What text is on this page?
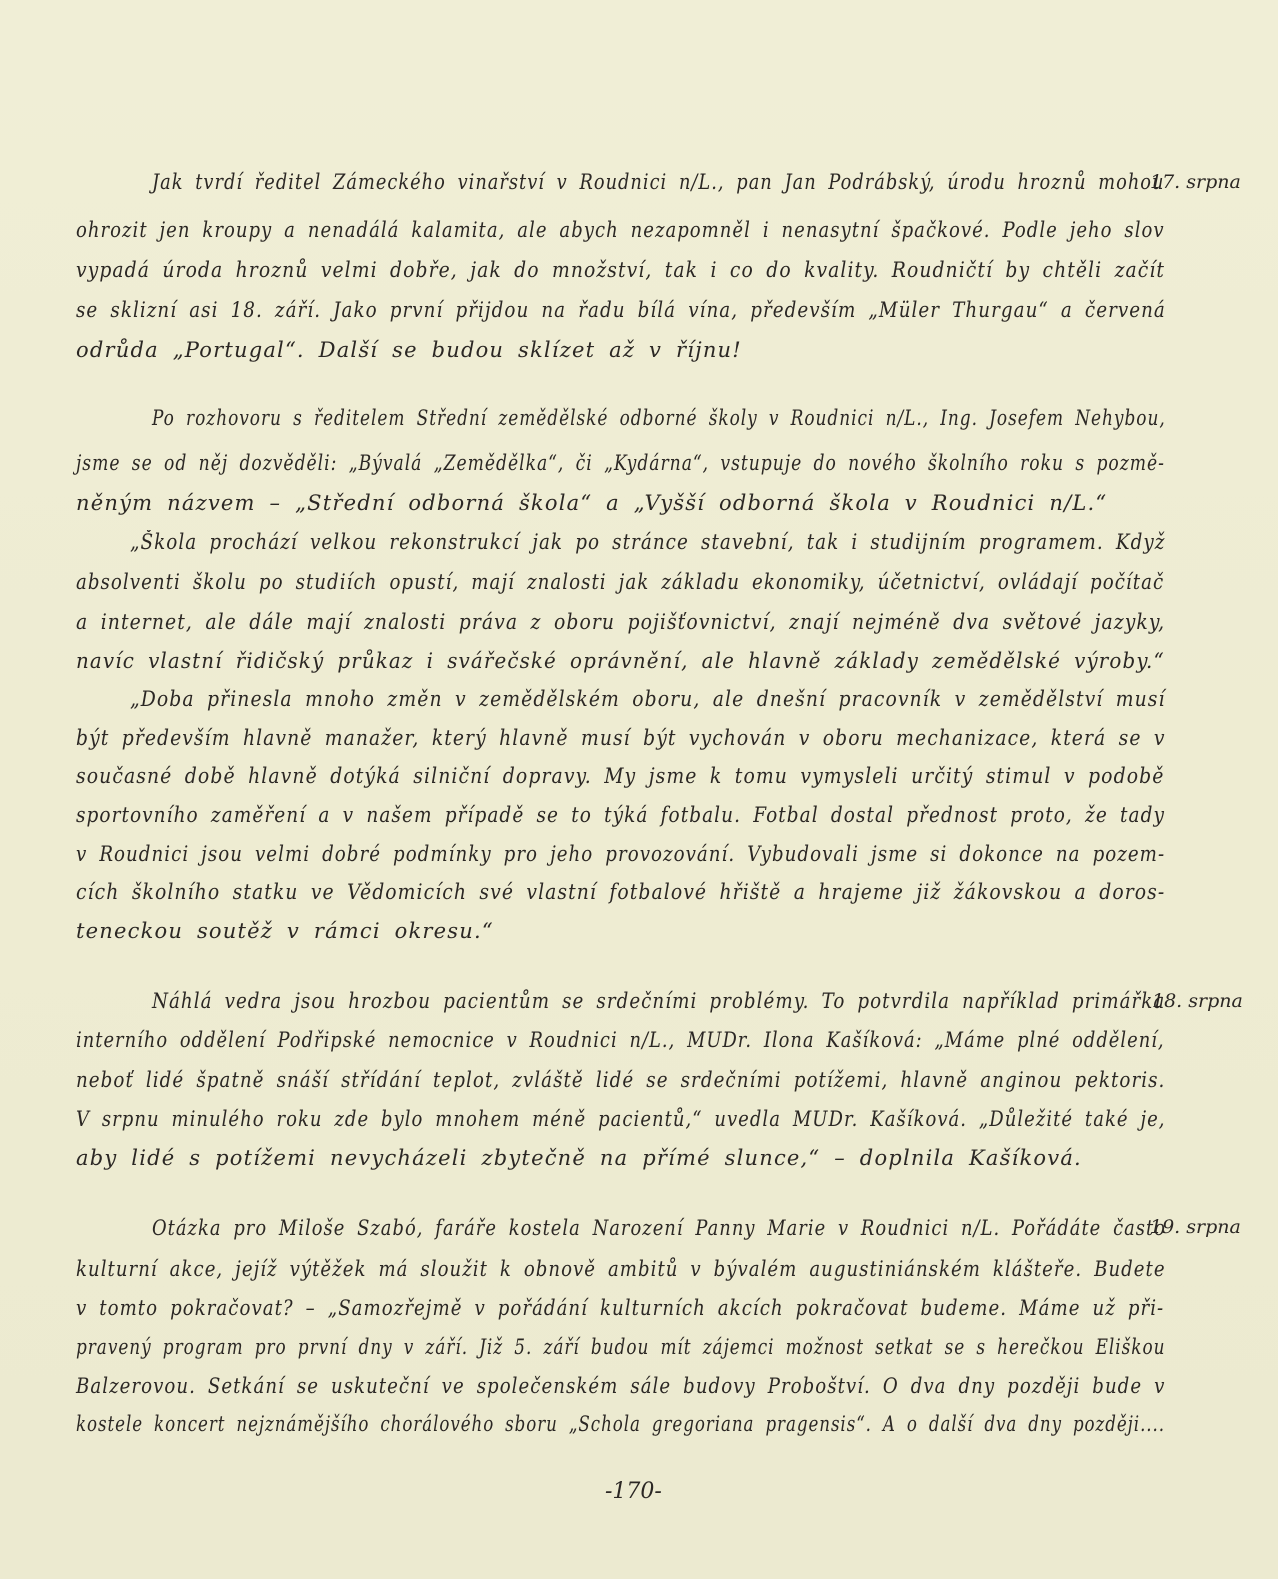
Jak tvrdí ředitel Zámeckého vinařství v Roudnici n/L., pan Jan Podrábský, úrodu hroznů mohou
17. srpna
ohrozit jen kroupy a nenadálá kalamita, ale abych nezapomněl i nenasytní špačkové. Podle jeho slov
vypadá úroda hroznů velmi dobře, jak do množství, tak i co do kvality. Roudničtí by chtěli začít
se sklizní asi 18. září. Jako první přijdou na řadu bílá vína, především „Müler Thurgau“ a červená
odrůda „Portugal“. Další se budou sklízet až v říjnu!
Po rozhovoru s ředitelem Střední zemědělské odborné školy v Roudnici n/L., Ing. Josefem Nehybou,
jsme se od něj dozvěděli: „Bývalá „Zemědělka“, či „Kydárna“, vstupuje do nového školního roku s pozmě-
něným názvem – „Střední odborná škola“ a „Vyšší odborná škola v Roudnici n/L.“
„Škola prochází velkou rekonstrukcí jak po stránce stavební, tak i studijním programem. Když
absolventi školu po studiích opustí, mají znalosti jak základu ekonomiky, účetnictví, ovládají počítač
a internet, ale dále mají znalosti práva z oboru pojišťovnictví, znají nejméně dva světové jazyky,
navíc vlastní řidičský průkaz i svářečské oprávnění, ale hlavně základy zemědělské výroby.“
„Doba přinesla mnoho změn v zemědělském oboru, ale dnešní pracovník v zemědělství musí
být především hlavně manažer, který hlavně musí být vychován v oboru mechanizace, která se v
současné době hlavně dotýká silniční dopravy. My jsme k tomu vymysleli určitý stimul v podobě
sportovního zaměření a v našem případě se to týká fotbalu. Fotbal dostal přednost proto, že tady
v Roudnici jsou velmi dobré podmínky pro jeho provozování. Vybudovali jsme si dokonce na pozem-
cích školního statku ve Vědomicích své vlastní fotbalové hřiště a hrajeme již žákovskou a doros-
teneckou soutěž v rámci okresu.“
Náhlá vedra jsou hrozbou pacientům se srdečními problémy. To potvrdila například primářka
18. srpna
interního oddělení Podřipské nemocnice v Roudnici n/L., MUDr. Ilona Kašíková: „Máme plné oddělení,
neboť lidé špatně snáší střídání teplot, zvláště lidé se srdečními potížemi, hlavně anginou pektoris.
V srpnu minulého roku zde bylo mnohem méně pacientů,“ uvedla MUDr. Kašíková. „Důležité také je,
aby lidé s potížemi nevycházeli zbytečně na přímé slunce,“ – doplnila Kašíková.
Otázka pro Miloše Szabó, faráře kostela Narození Panny Marie v Roudnici n/L. Pořádáte často
19. srpna
kulturní akce, jejíž výtěžek má sloužit k obnově ambitů v bývalém augustiniánském klášteře. Budete
v tomto pokračovat? – „Samozřejmě v pořádání kulturních akcích pokračovat budeme. Máme už při-
pravený program pro první dny v září. Již 5. září budou mít zájemci možnost setkat se s herečkou Eliškou
Balzerovou. Setkání se uskuteční ve společenském sále budovy Proboštví. O dva dny později bude v
kostele koncert nejznámějšího chorálového sboru „Schola gregoriana pragensis“. A o další dva dny později....
-170-
